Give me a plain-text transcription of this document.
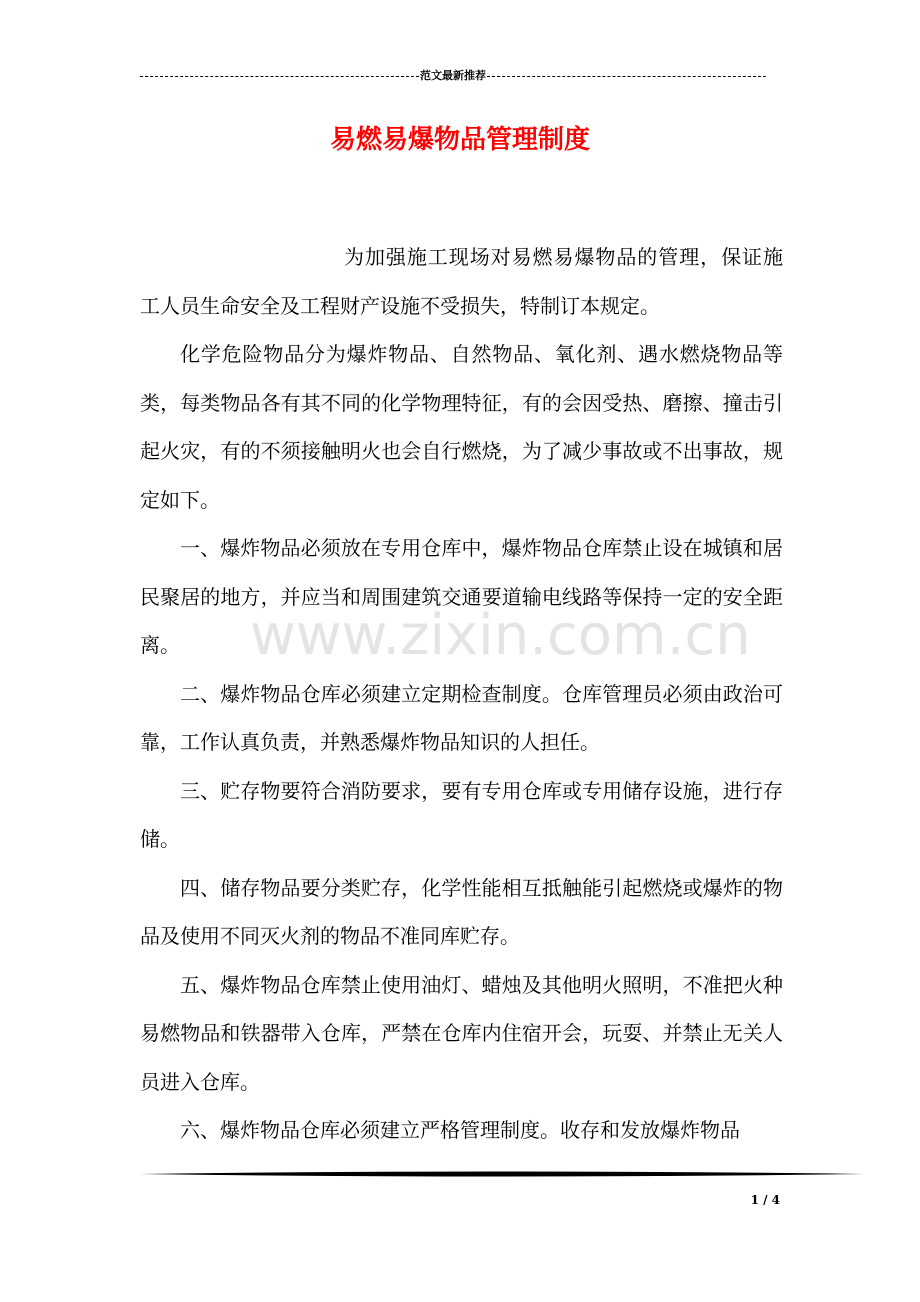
范文最新推荐
易燃易爆物品管理制度

为加强施工现场对易燃易爆物品的管理，保证施工人员生命安全及工程财产设施不受损失，特制订本规定。

化学危险物品分为爆炸物品、自然物品、氧化剂、遇水燃烧物品等类，每类物品各有其不同的化学物理特征，有的会因受热、磨擦、撞击引起火灾，有的不须接触明火也会自行燃烧，为了减少事故或不出事故，规定如下。

一、爆炸物品必须放在专用仓库中，爆炸物品仓库禁止设在城镇和居民聚居的地方，并应当和周围建筑交通要道输电线路等保持一定的安全距离。

二、爆炸物品仓库必须建立定期检查制度。仓库管理员必须由政治可靠，工作认真负责，并熟悉爆炸物品知识的人担任。

三、贮存物要符合消防要求，要有专用仓库或专用储存设施，进行存储。

四、储存物品要分类贮存，化学性能相互抵触能引起燃烧或爆炸的物品及使用不同灭火剂的物品不准同库贮存。

五、爆炸物品仓库禁止使用油灯、蜡烛及其他明火照明，不准把火种易燃物品和铁器带入仓库，严禁在仓库内住宿开会，玩耍、并禁止无关人员进入仓库。

六、爆炸物品仓库必须建立严格管理制度。收存和发放爆炸物品

www.zixin.com.cn
1 / 4
